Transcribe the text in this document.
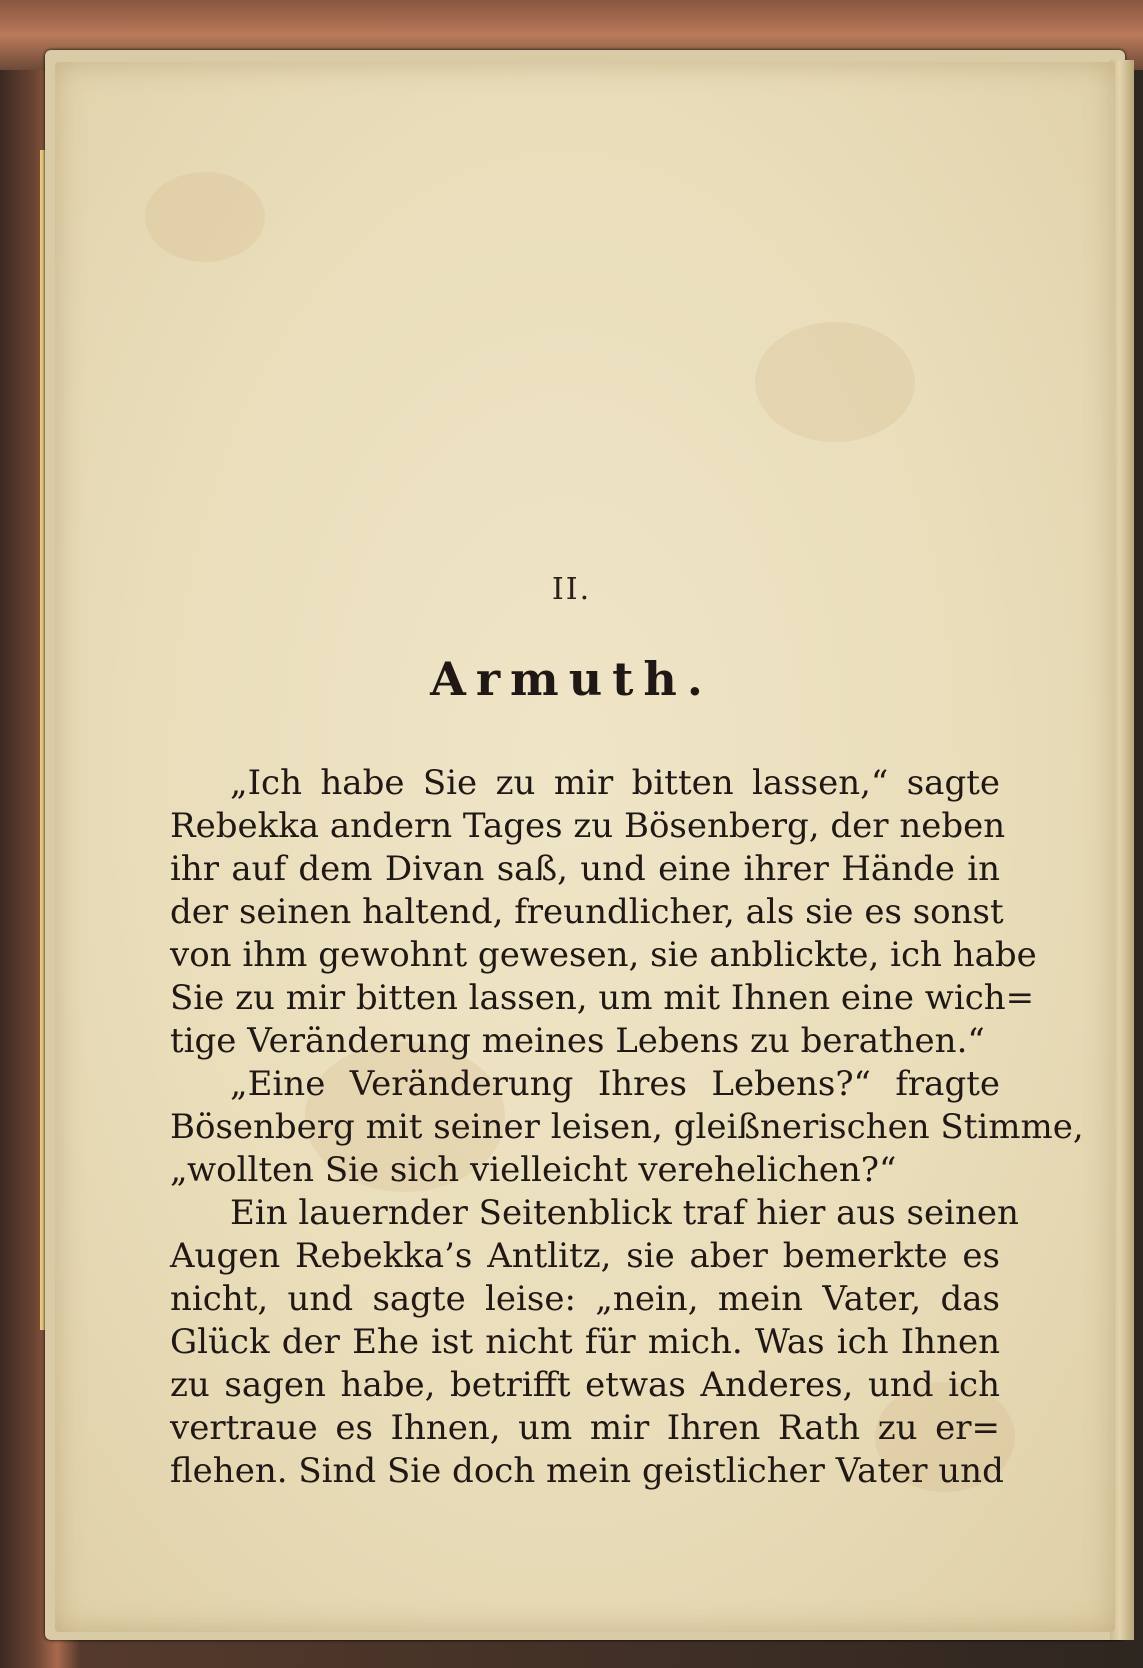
II.
Armuth.
„Ich habe Sie zu mir bitten lassen,“ sagte
Rebekka andern Tages zu Bösenberg, der neben
ihr auf dem Divan saß, und eine ihrer Hände in
der seinen haltend, freundlicher, als sie es sonst
von ihm gewohnt gewesen, sie anblickte, ich habe
Sie zu mir bitten lassen, um mit Ihnen eine wich=
tige Veränderung meines Lebens zu berathen.“
„Eine Veränderung Ihres Lebens?“ fragte
Bösenberg mit seiner leisen, gleißnerischen Stimme,
„wollten Sie sich vielleicht verehelichen?“
Ein lauernder Seitenblick traf hier aus seinen
Augen Rebekka’s Antlitz, sie aber bemerkte es
nicht, und sagte leise: „nein, mein Vater, das
Glück der Ehe ist nicht für mich. Was ich Ihnen
zu sagen habe, betrifft etwas Anderes, und ich
vertraue es Ihnen, um mir Ihren Rath zu er=
flehen. Sind Sie doch mein geistlicher Vater und
